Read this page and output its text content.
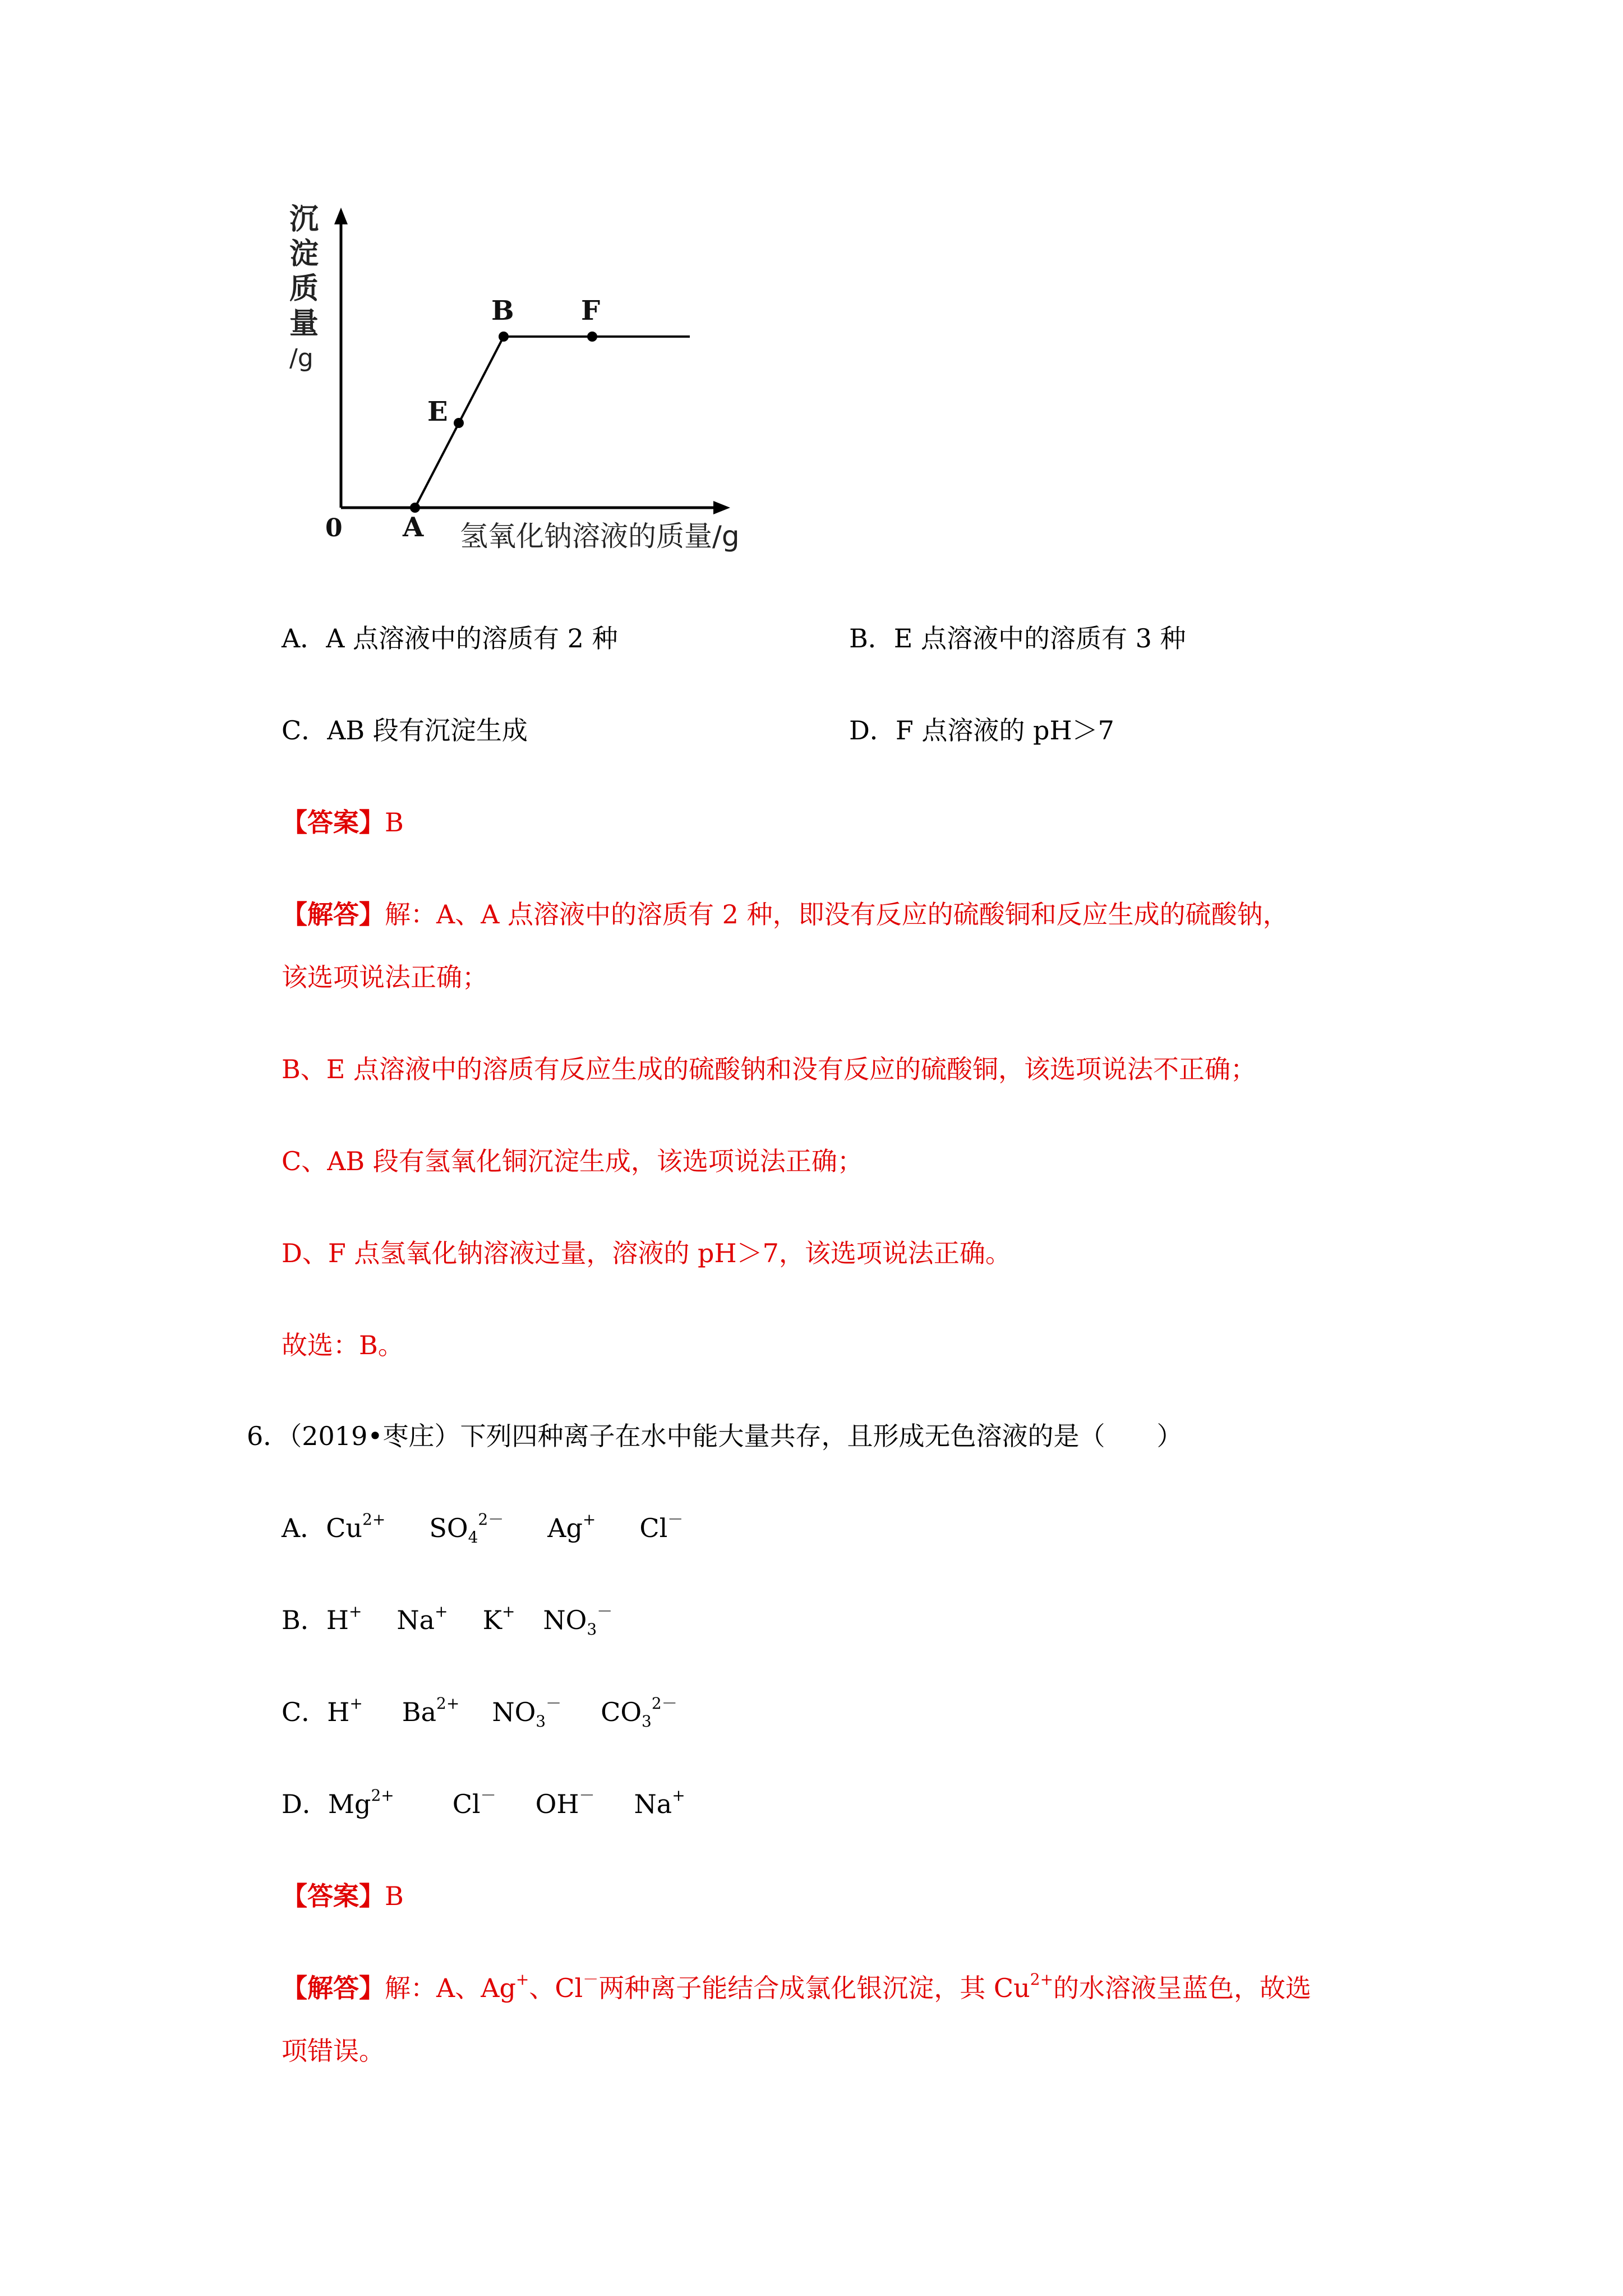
沉
淀
质
量
/g
0 A
E
B F
氢氧化钠溶液的质量/g
A．A 点溶液中的溶质有 2 种	B．E 点溶液中的溶质有 3 种
C．AB 段有沉淀生成	D．F 点溶液的 pH＞7
【答案】B
【解答】解：A、A 点溶液中的溶质有 2 种，即没有反应的硫酸铜和反应生成的硫酸钠，
该选项说法正确；
B、E 点溶液中的溶质有反应生成的硫酸钠和没有反应的硫酸铜，该选项说法不正确；
C、AB 段有氢氧化铜沉淀生成，该选项说法正确；
D、F 点氢氧化钠溶液过量，溶液的 pH＞7，该选项说法正确。
故选：B。
6．（2019•枣庄）下列四种离子在水中能大量共存，且形成无色溶液的是（　　）
A．$Cu^{2+}$ $SO_4^{2-}$ Ag+ Cl－
B．H+ Na+ K+ $NO_3^-$
C．H+ $Ba^{2+}$ $NO_3^-$ $CO_3^{2-}$
D．$Mg^{2+}$ Cl－ OH－ Na+
【答案】B
【解答】解：A、Ag+、Cl－两种离子能结合成氯化银沉淀，其 $Cu^{2+}$的水溶液呈蓝色，故选
项错误。
